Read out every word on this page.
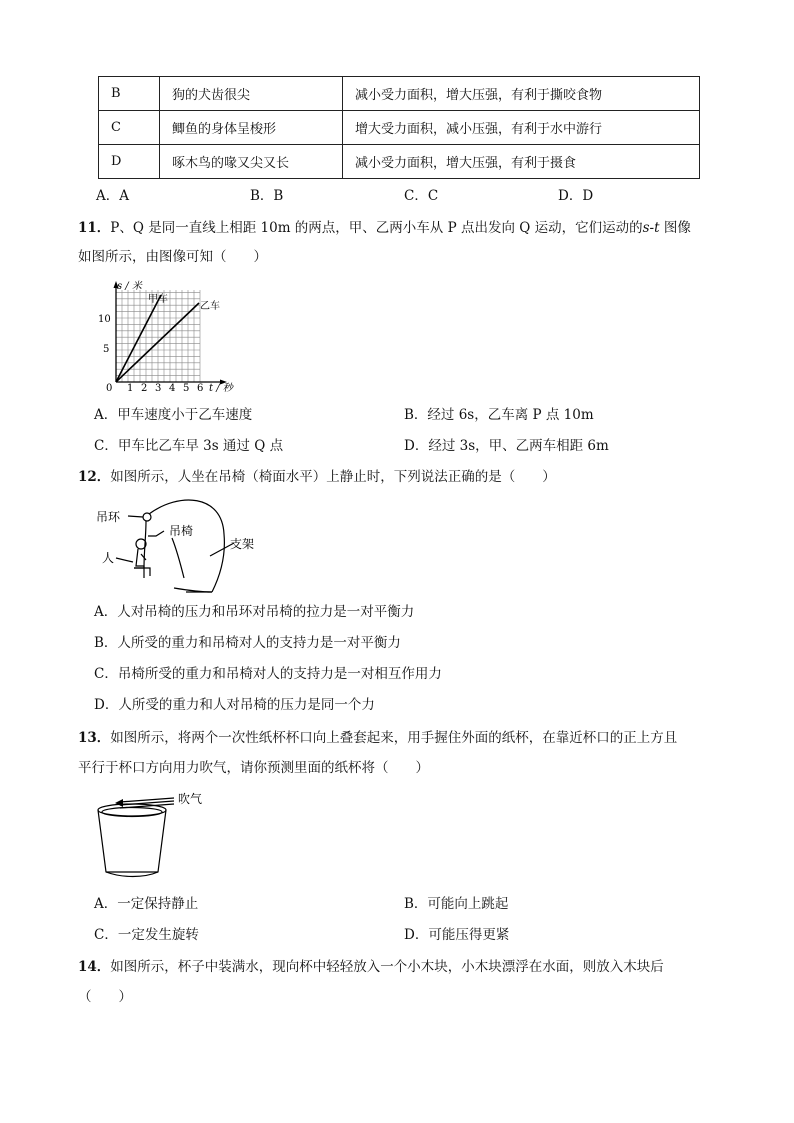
B	狗的犬齿很尖	减小受力面积，增大压强，有利于撕咬食物
C	鲫鱼的身体呈梭形	增大受力面积，减小压强，有利于水中游行
D	啄木鸟的喙又尖又长	减小受力面积，增大压强，有利于摄食
A．A	B．B	C．C	D．D
11．P、Q 是同一直线上相距 10m 的两点，甲、乙两小车从 P 点出发向 Q 运动，它们运动的s-t 图像
如图所示，由图像可知（　　）
s / 米
甲车
乙车
10
5
0 1 2 3 4 5 6 t / 秒
A．甲车速度小于乙车速度	B．经过 6s，乙车离 P 点 10m
C．甲车比乙车早 3s 通过 Q 点	D．经过 3s，甲、乙两车相距 6m
12．如图所示，人坐在吊椅（椅面水平）上静止时，下列说法正确的是（　　）
吊环
吊椅
人
支架
A．人对吊椅的压力和吊环对吊椅的拉力是一对平衡力
B．人所受的重力和吊椅对人的支持力是一对平衡力
C．吊椅所受的重力和吊椅对人的支持力是一对相互作用力
D．人所受的重力和人对吊椅的压力是同一个力
13．如图所示，将两个一次性纸杯杯口向上叠套起来，用手握住外面的纸杯，在靠近杯口的正上方且
平行于杯口方向用力吹气，请你预测里面的纸杯将（　　）
吹气
A．一定保持静止	B．可能向上跳起
C．一定发生旋转	D．可能压得更紧
14．如图所示，杯子中装满水，现向杯中轻轻放入一个小木块，小木块漂浮在水面，则放入木块后
（　　）
